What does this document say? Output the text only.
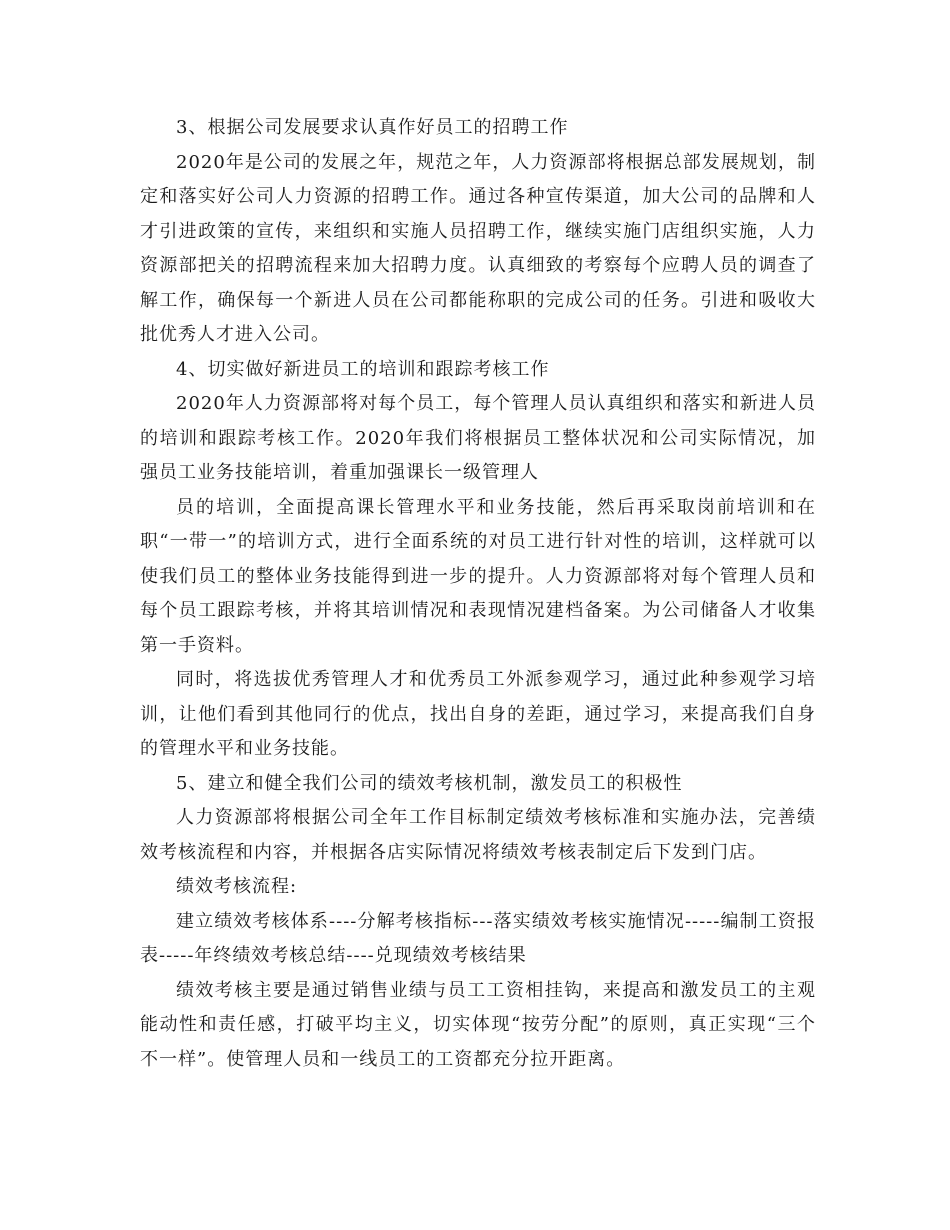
3、根据公司发展要求认真作好员工的招聘工作

2020年是公司的发展之年，规范之年，人力资源部将根据总部发展规划，制定和落实好公司人力资源的招聘工作。通过各种宣传渠道，加大公司的品牌和人才引进政策的宣传，来组织和实施人员招聘工作，继续实施门店组织实施，人力资源部把关的招聘流程来加大招聘力度。认真细致的考察每个应聘人员的调查了解工作，确保每一个新进人员在公司都能称职的完成公司的任务。引进和吸收大批优秀人才进入公司。

4、切实做好新进员工的培训和跟踪考核工作

2020年人力资源部将对每个员工，每个管理人员认真组织和落实和新进人员的培训和跟踪考核工作。2020年我们将根据员工整体状况和公司实际情况，加强员工业务技能培训，着重加强课长一级管理人

员的培训，全面提高课长管理水平和业务技能，然后再采取岗前培训和在职“一带一”的培训方式，进行全面系统的对员工进行针对性的培训，这样就可以使我们员工的整体业务技能得到进一步的提升。人力资源部将对每个管理人员和每个员工跟踪考核，并将其培训情况和表现情况建档备案。为公司储备人才收集第一手资料。

同时，将选拔优秀管理人才和优秀员工外派参观学习，通过此种参观学习培训，让他们看到其他同行的优点，找出自身的差距，通过学习，来提高我们自身的管理水平和业务技能。

5、建立和健全我们公司的绩效考核机制，激发员工的积极性

人力资源部将根据公司全年工作目标制定绩效考核标准和实施办法，完善绩效考核流程和内容，并根据各店实际情况将绩效考核表制定后下发到门店。

绩效考核流程:

建立绩效考核体系----分解考核指标---落实绩效考核实施情况-----编制工资报表-----年终绩效考核总结----兑现绩效考核结果

绩效考核主要是通过销售业绩与员工工资相挂钩，来提高和激发员工的主观能动性和责任感，打破平均主义，切实体现“按劳分配”的原则，真正实现“三个不一样”。使管理人员和一线员工的工资都充分拉开距离。
